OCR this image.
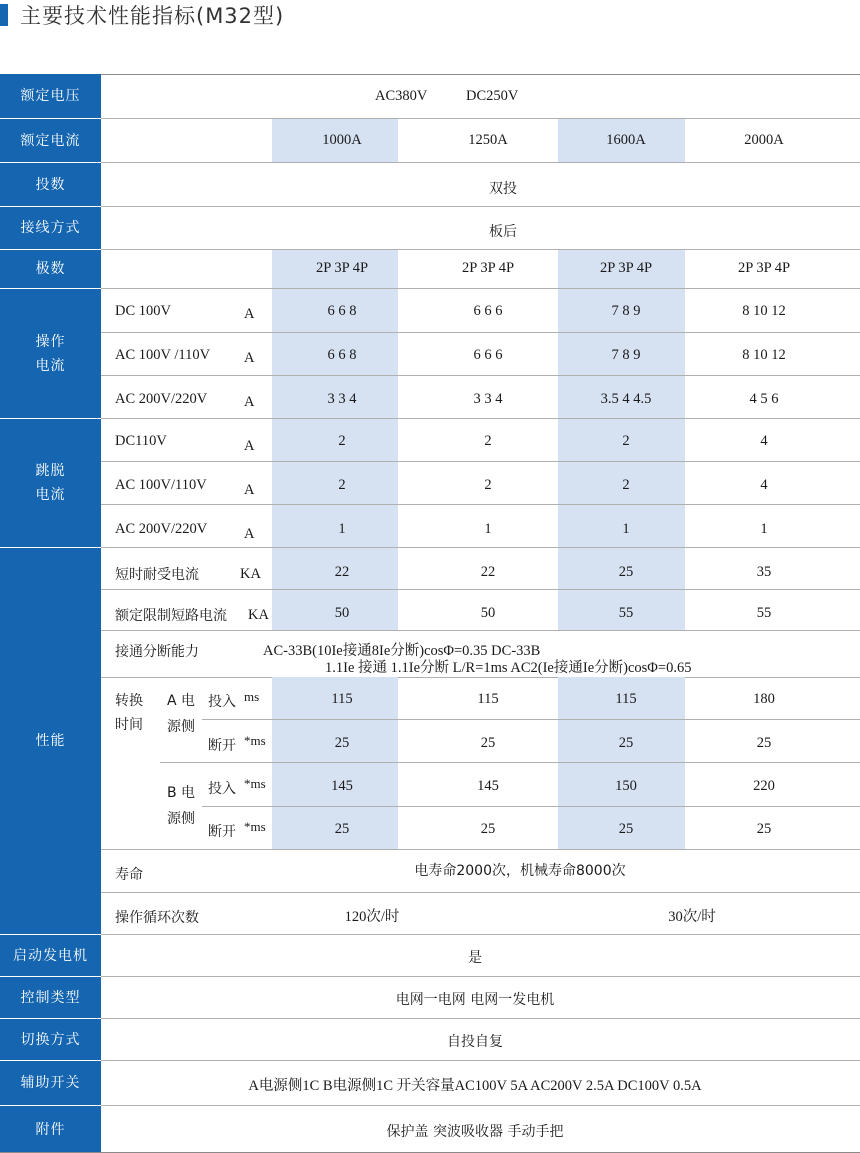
主要技术性能指标(M32型)
额定电压	AC380V	DC250V
额定电流	1000A	1250A	1600A	2000A
投数	双投
接线方式	板后
极数	2P 3P 4P	2P 3P 4P	2P 3P 4P	2P 3P 4P
操作
电流
DC 100V	A	6 6 8	6 6 6	7 8 9	8 10 12
AC 100V /110V A	6 6 8	6 6 6	7 8 9	8 10 12
AC 200V/220V	A	3 3 4	3 3 4	3.5 4 4.5	4 5 6
跳脱
电流
DC110V	A	2	2	2	4
AC 100V/110V	A	2	2	2	4
AC 200V/220V	A	1	1	1	1
性能
短时耐受电流	KA	22	22	25	35
额定限制短路电流 KA	50	50	55	55
接通分断能力	AC-33B(10Ie接通8Ie分断)cosΦ=0.35 DC-33B
1.1Ie 接通 1.1Ie分断 L/R=1ms AC2(Ie接通Ie分断)cosΦ=0.65
转换
时间
A 电
源侧
B 电
源侧
投入 ms	115	115	115	180
断开 *ms	25	25	25	25
投入 *ms	145	145	150	220
断开 *ms	25	25	25	25
寿命	电寿命2000次，机械寿命8000次
操作循环次数	120次/时	30次/时
启动发电机	是
控制类型	电网一电网 电网一发电机
切换方式	自投自复
辅助开关	A电源侧1C B电源侧1C 开关容量AC100V 5A AC200V 2.5A DC100V 0.5A
附件	保护盖 突波吸收器 手动手把
